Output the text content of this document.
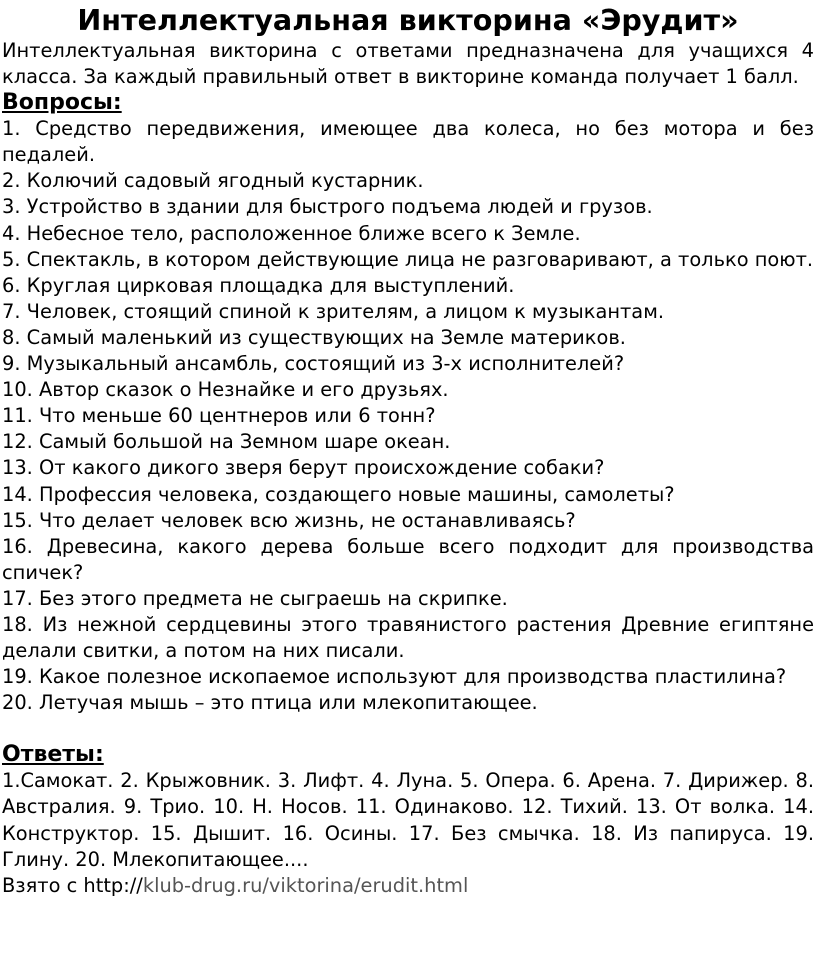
Интеллектуальная викторина «Эрудит»

Интеллектуальная викторина с ответами предназначена для учащихся 4 класса. За каждый правильный ответ в викторине команда получает 1 балл.

Вопросы:
1. Средство передвижения, имеющее два колеса, но без мотора и без педалей.
2. Колючий садовый ягодный кустарник.
3. Устройство в здании для быстрого подъема людей и грузов.
4. Небесное тело, расположенное ближе всего к Земле.
5. Спектакль, в котором действующие лица не разговаривают, а только поют.
6. Круглая цирковая площадка для выступлений.
7. Человек, стоящий спиной к зрителям, а лицом к музыкантам.
8. Самый маленький из существующих на Земле материков.
9. Музыкальный ансамбль, состоящий из 3-х исполнителей?
10. Автор сказок о Незнайке и его друзьях.
11. Что меньше 60 центнеров или 6 тонн?
12. Самый большой на Земном шаре океан.
13. От какого дикого зверя берут происхождение собаки?
14. Профессия человека, создающего новые машины, самолеты?
15. Что делает человек всю жизнь, не останавливаясь?
16. Древесина, какого дерева больше всего подходит для производства спичек?
17. Без этого предмета не сыграешь на скрипке.
18. Из нежной сердцевины этого травянистого растения Древние египтяне делали свитки, а потом на них писали.
19. Какое полезное ископаемое используют для производства пластилина?
20. Летучая мышь – это птица или млекопитающее.
Ответы:

1.Самокат. 2. Крыжовник. 3. Лифт. 4. Луна. 5. Опера. 6. Арена. 7. Дирижер. 8. Австралия. 9. Трио. 10. Н. Носов. 11. Одинаково. 12. Тихий. 13. От волка. 14. Конструктор. 15. Дышит. 16. Осины. 17. Без смычка. 18. Из папируса. 19. Глину. 20. Млекопитающее....

Взято с http://klub-drug.ru/viktorina/erudit.html
